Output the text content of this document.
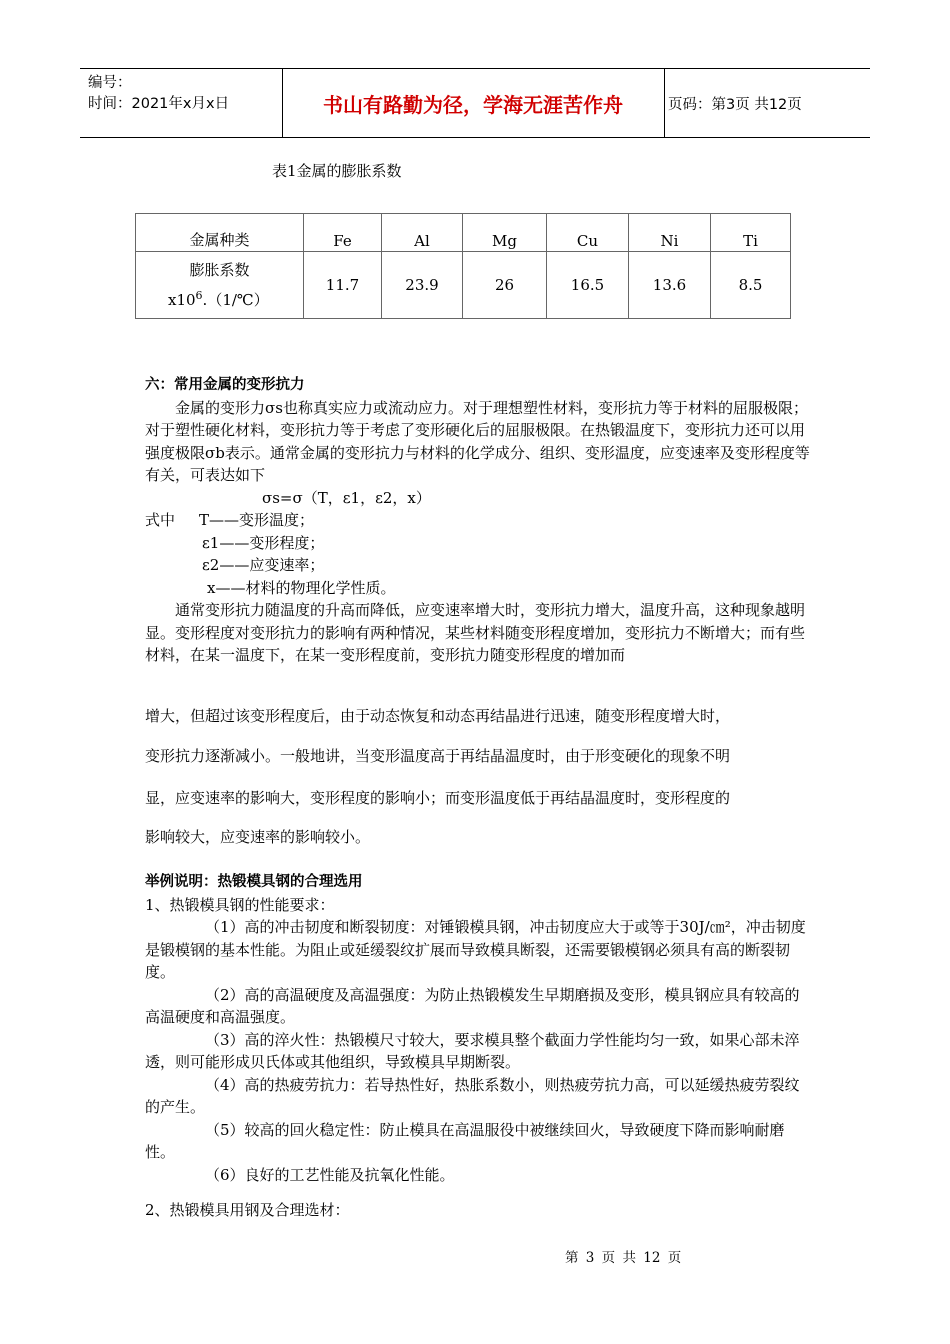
编号：
时间：2021年x月x日	书山有路勤为径，学海无涯苦作舟	页码：第3页 共12页
表1金属的膨胀系数
金属种类	Fe	Al	Mg	Cu	Ni	Ti

膨胀系数
$x10^6.(1/℃)$	11.7	23.9	26	16.5	13.6	8.5

六：常用金属的变形抗力

金属的变形力σs也称真实应力或流动应力。对于理想塑性材料，变形抗力等于材料的屈服极限；对于塑性硬化材料，变形抗力等于考虑了变形硬化后的屈服极限。在热锻温度下，变形抗力还可以用强度极限σb表示。通常金属的变形抗力与材料的化学成分、组织、变形温度，应变速率及变形程度等有关，可表达如下

σs=σ（T，ε1，ε2，x）

式中 T——变形温度；

ε1——变形程度；

ε2——应变速率；

x——材料的物理化学性质。

通常变形抗力随温度的升高而降低，应变速率增大时，变形抗力增大，温度升高，这种现象越明显。变形程度对变形抗力的影响有两种情况，某些材料随变形程度增加，变形抗力不断增大；而有些材料，在某一温度下，在某一变形程度前，变形抗力随变形程度的增加而

增大，但超过该变形程度后，由于动态恢复和动态再结晶进行迅速，随变形程度增大时，
变形抗力逐渐减小。一般地讲，当变形温度高于再结晶温度时，由于形变硬化的现象不明
显，应变速率的影响大，变形程度的影响小；而变形温度低于再结晶温度时，变形程度的
影响较大，应变速率的影响较小。

举例说明：热锻模具钢的合理选用

1、热锻模具钢的性能要求：

（1）高的冲击韧度和断裂韧度：对锤锻模具钢，冲击韧度应大于或等于30J/㎝²，冲击韧度是锻模钢的基本性能。为阻止或延缓裂纹扩展而导致模具断裂，还需要锻模钢必须具有高的断裂韧度。

（2）高的高温硬度及高温强度：为防止热锻模发生早期磨损及变形，模具钢应具有较高的高温硬度和高温强度。

（3）高的淬火性：热锻模尺寸较大，要求模具整个截面力学性能均匀一致，如果心部未淬透，则可能形成贝氏体或其他组织，导致模具早期断裂。

（4）高的热疲劳抗力：若导热性好，热胀系数小，则热疲劳抗力高，可以延缓热疲劳裂纹的产生。

（5）较高的回火稳定性：防止模具在高温服役中被继续回火，导致硬度下降而影响耐磨性。

（6）良好的工艺性能及抗氧化性能。

2、热锻模具用钢及合理选材：
第 3 页 共 12 页
